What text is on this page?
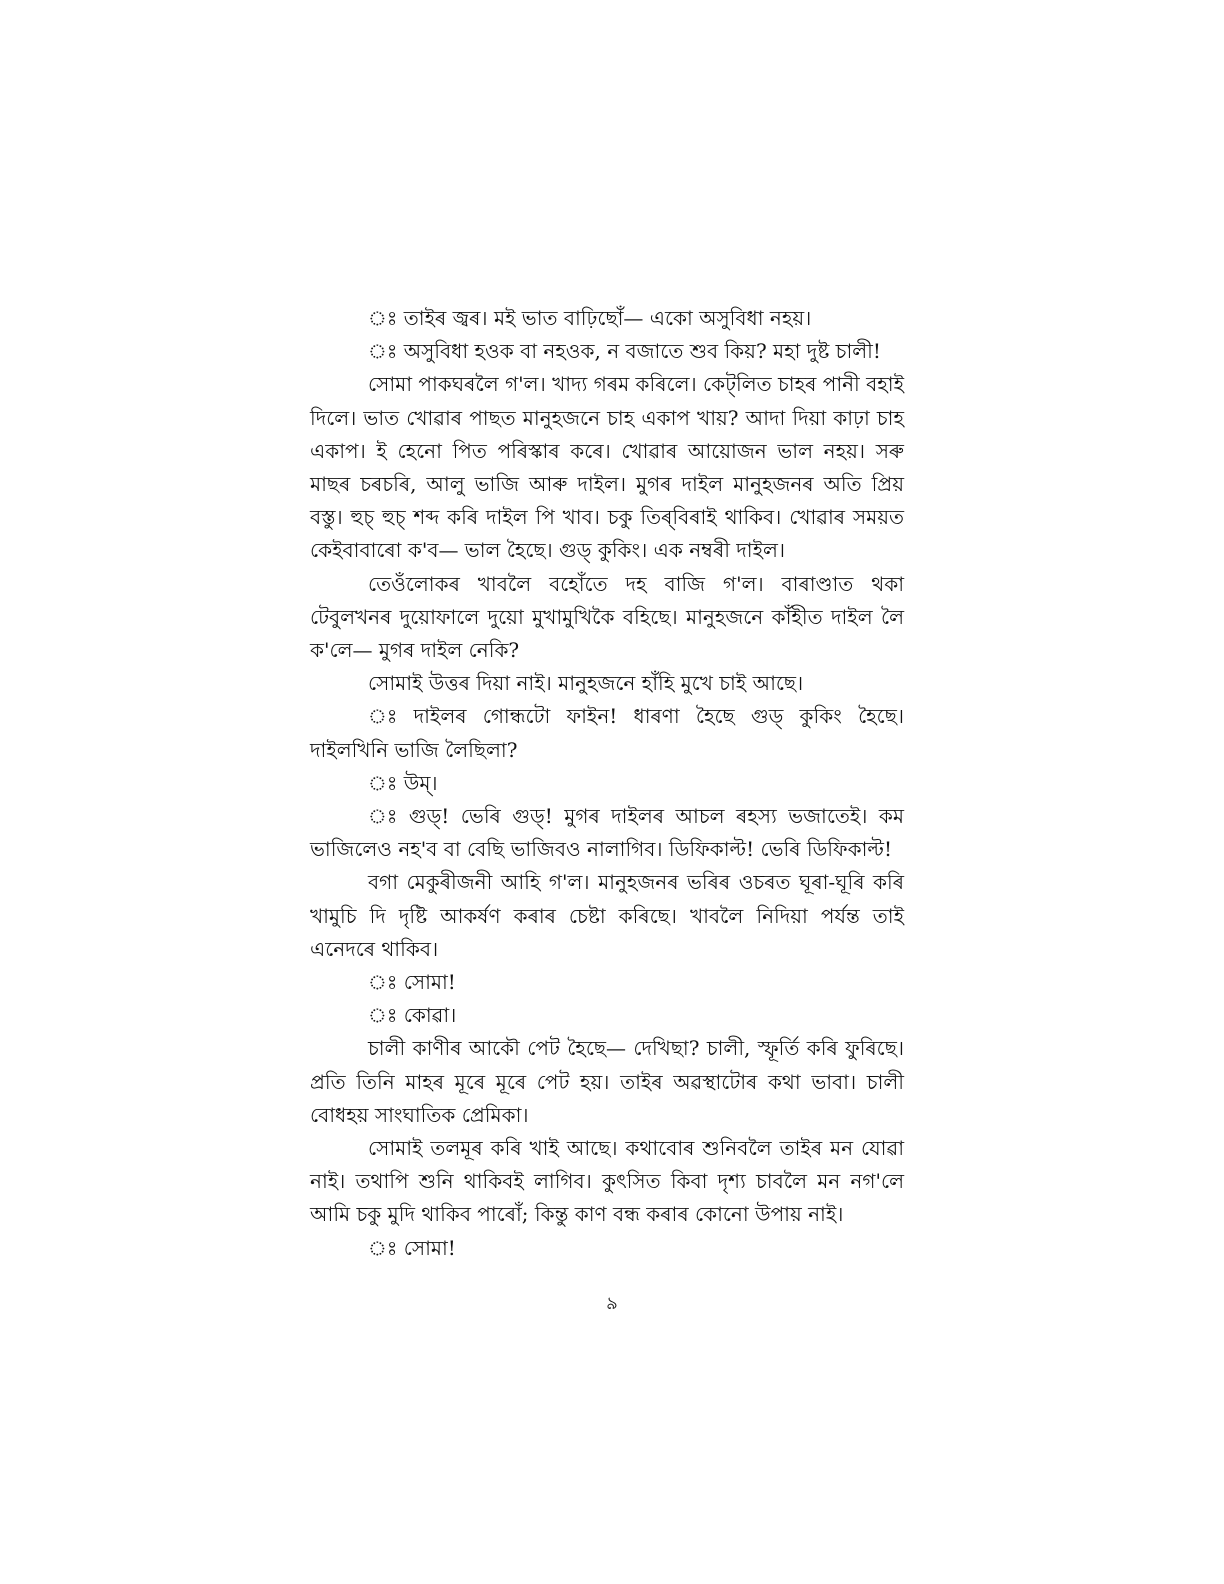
ঃ তাইৰ জ্বৰ। মই ভাত বাঢ়িছোঁ— একো অসুবিধা নহয়।

ঃ অসুবিধা হওক বা নহওক, ন বজাতে শুব কিয়? মহা দুষ্ট চালী!

সোমা পাকঘৰলৈ গ'ল। খাদ্য গৰম কৰিলে। কেট্‌লিত চাহৰ পানী বহাই দিলে। ভাত খোৱাৰ পাছত মানুহজনে চাহ একাপ খায়? আদা দিয়া কাঢ়া চাহ একাপ। ই হেনো পিত পৰিস্কাৰ কৰে। খোৱাৰ আয়োজন ভাল নহয়। সৰু মাছৰ চৰচৰি, আলু ভাজি আৰু দাইল। মুগৰ দাইল মানুহজনৰ অতি প্ৰিয় বস্তু। হুচ্ হুচ্ শব্দ কৰি দাইল পি খাব। চকু তিৰ্‌বিৰাই থাকিব। খোৱাৰ সময়ত কেইবাবাৰো ক'ব— ভাল হৈছে। গুড্ কুকিং। এক নম্বৰী দাইল।

তেওঁলোকৰ খাবলৈ বহোঁতে দহ বাজি গ'ল। বাৰাণ্ডাত থকা টেবুলখনৰ দুয়োফালে দুয়ো মুখামুখিকৈ বহিছে। মানুহজনে কাঁহীত দাইল লৈ ক'লে— মুগৰ দাইল নেকি?

সোমাই উত্তৰ দিয়া নাই। মানুহজনে হাঁহি মুখে চাই আছে।

ঃ দাইলৰ গোন্ধটো ফাইন! ধাৰণা হৈছে গুড্ কুকিং হৈছে। দাইলখিনি ভাজি লৈছিলা?

ঃ উম্।

ঃ গুড্! ভেৰি গুড্! মুগৰ দাইলৰ আচল ৰহস্য ভজাতেই। কম ভাজিলেও নহ'ব বা বেছি ভাজিবও নালাগিব। ডিফিকাল্ট! ভেৰি ডিফিকাল্ট!

বগা মেকুৰীজনী আহি গ'ল। মানুহজনৰ ভৰিৰ ওচৰত ঘূৰা-ঘূৰি কৰি খামুচি দি দৃষ্টি আকৰ্ষণ কৰাৰ চেষ্টা কৰিছে। খাবলৈ নিদিয়া পৰ্যন্ত তাই এনেদৰে থাকিব।

ঃ সোমা!

ঃ কোৱা।

চালী কাণীৰ আকৌ পেট হৈছে— দেখিছা? চালী, স্ফূৰ্তি কৰি ফুৰিছে। প্ৰতি তিনি মাহৰ মূৰে মূৰে পেট হয়। তাইৰ অৱস্থাটোৰ কথা ভাবা। চালী বোধহয় সাংঘাতিক প্ৰেমিকা।

সোমাই তলমূৰ কৰি খাই আছে। কথাবোৰ শুনিবলৈ তাইৰ মন যোৱা নাই। তথাপি শুনি থাকিবই লাগিব। কুৎসিত কিবা দৃশ্য চাবলৈ মন নগ'লে আমি চকু মুদি থাকিব পাৰোঁ; কিন্তু কাণ বন্ধ কৰাৰ কোনো উপায় নাই।

ঃ সোমা!

৯
